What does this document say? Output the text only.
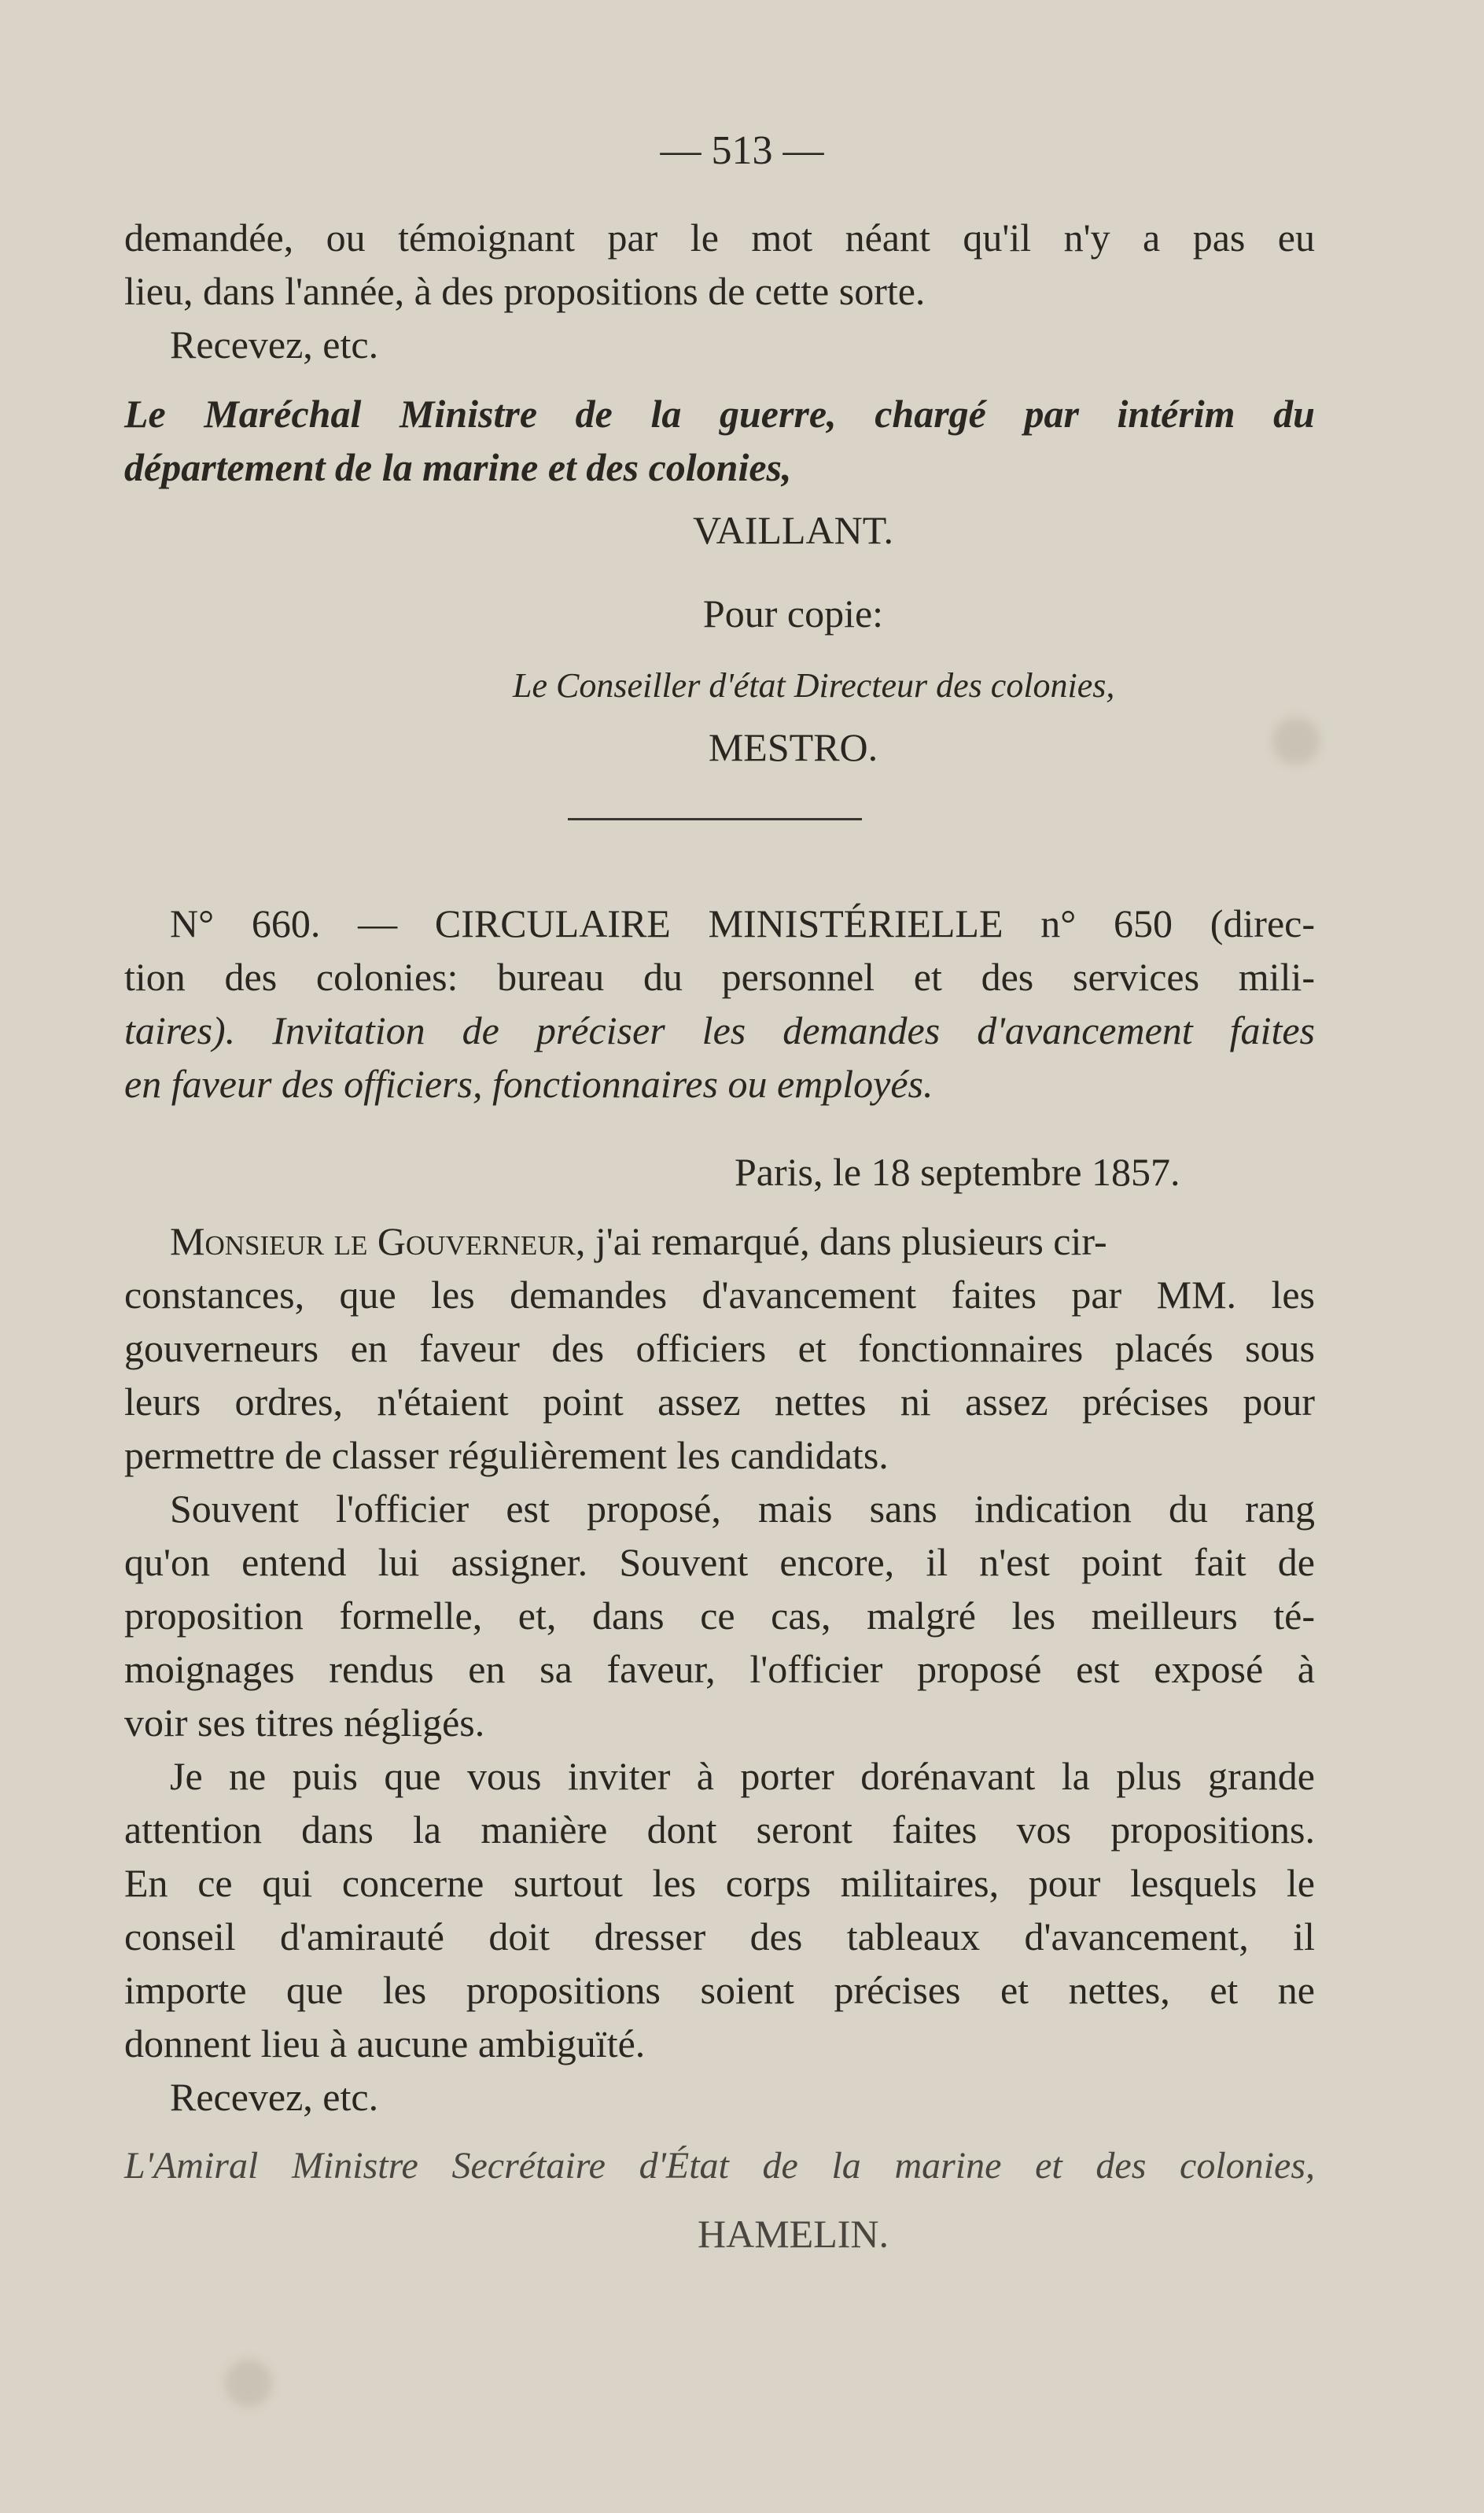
— 513 —
demandée, ou témoignant par le mot néant qu'il n'y a pas eu
lieu, dans l'année, à des propositions de cette sorte.
Recevez, etc.
Le Maréchal Ministre de la guerre, chargé par intérim du
département de la marine et des colonies,
VAILLANT.
Pour copie:
Le Conseiller d'état Directeur des colonies,
MESTRO.
N° 660. — CIRCULAIRE MINISTÉRIELLE n° 650 (direc-
tion des colonies: bureau du personnel et des services mili-
taires). Invitation de préciser les demandes d'avancement faites
en faveur des officiers, fonctionnaires ou employés.
Paris, le 18 septembre 1857.
Monsieur le Gouverneur, j'ai remarqué, dans plusieurs cir-
constances, que les demandes d'avancement faites par MM. les
gouverneurs en faveur des officiers et fonctionnaires placés sous
leurs ordres, n'étaient point assez nettes ni assez précises pour
permettre de classer régulièrement les candidats.
Souvent l'officier est proposé, mais sans indication du rang
qu'on entend lui assigner. Souvent encore, il n'est point fait de
proposition formelle, et, dans ce cas, malgré les meilleurs té-
moignages rendus en sa faveur, l'officier proposé est exposé à
voir ses titres négligés.
Je ne puis que vous inviter à porter dorénavant la plus grande
attention dans la manière dont seront faites vos propositions.
En ce qui concerne surtout les corps militaires, pour lesquels le
conseil d'amirauté doit dresser des tableaux d'avancement, il
importe que les propositions soient précises et nettes, et ne
donnent lieu à aucune ambiguïté.
Recevez, etc.
L'Amiral Ministre Secrétaire d'État de la marine et des colonies,
HAMELIN.
